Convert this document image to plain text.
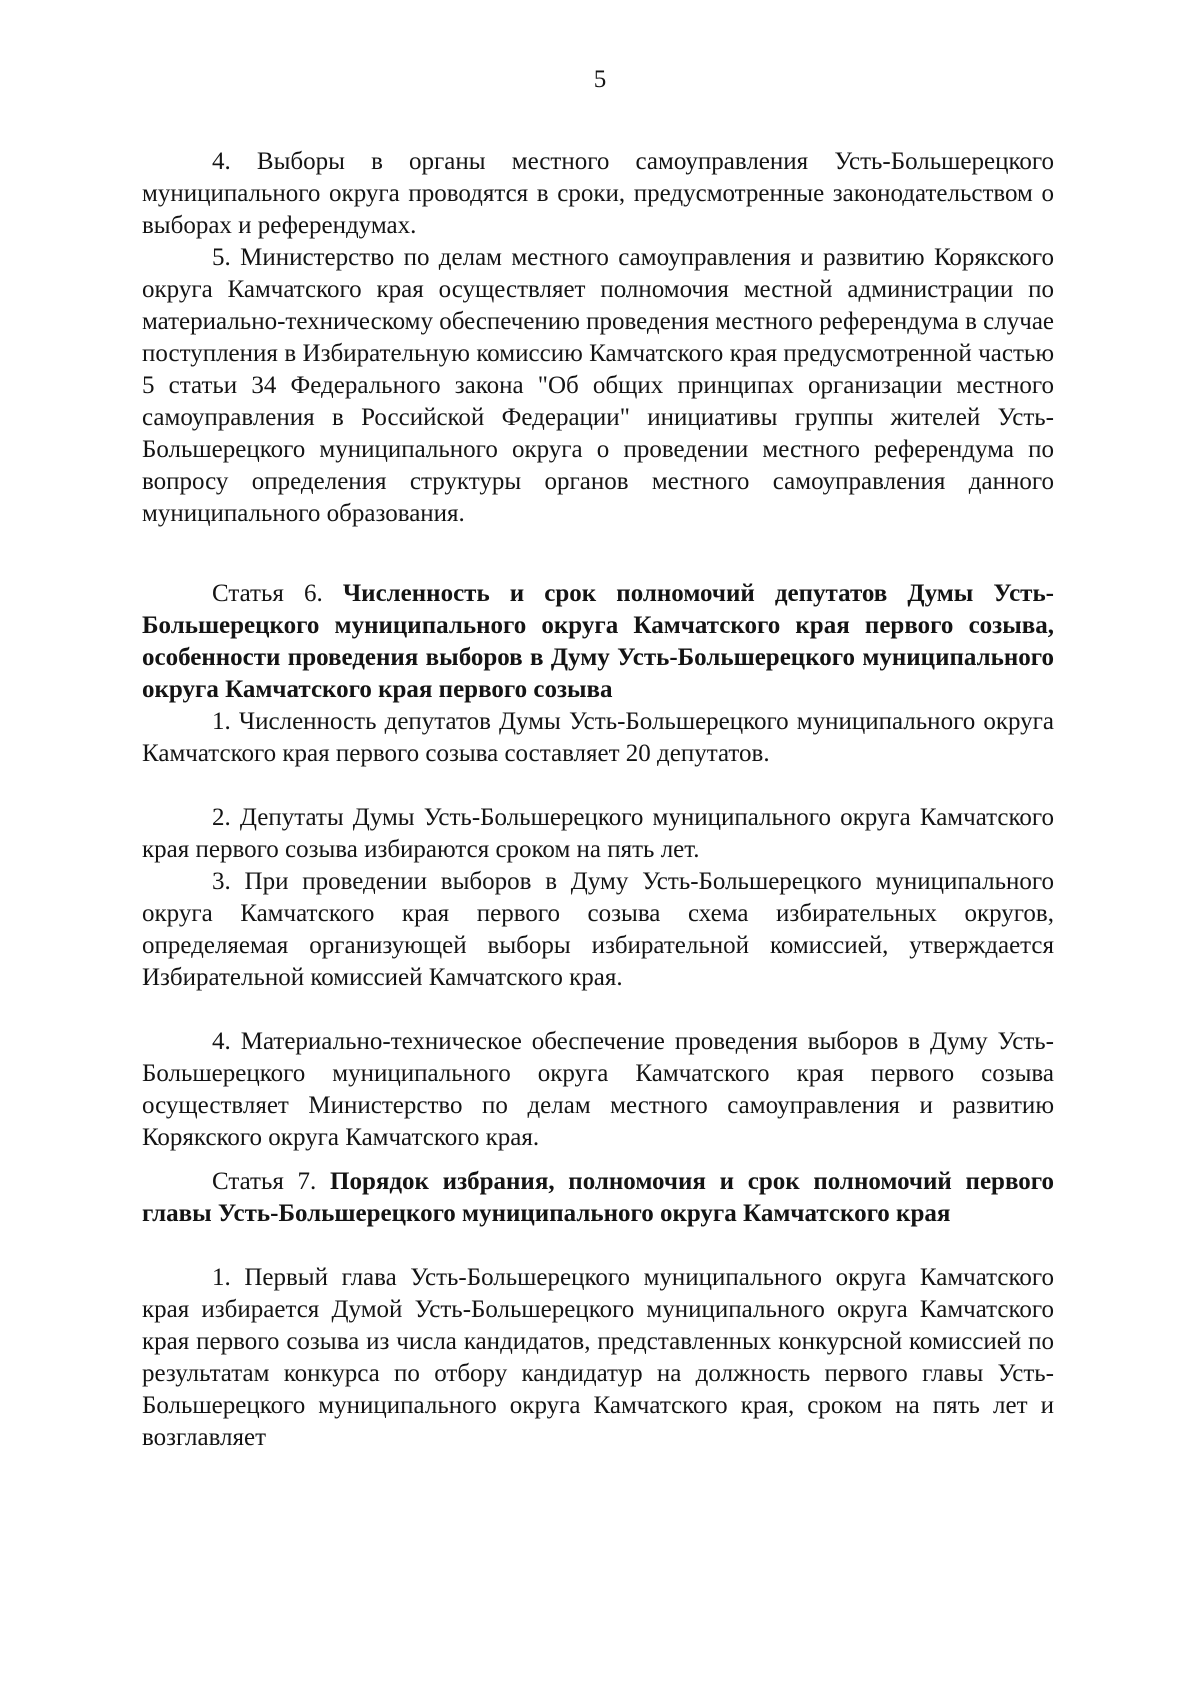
5

4. Выборы в органы местного самоуправления Усть-Большерецкого муниципального округа проводятся в сроки, предусмотренные законодательством о выборах и референдумах.

5. Министерство по делам местного самоуправления и развитию Корякского округа Камчатского края осуществляет полномочия местной администрации по материально-техническому обеспечению проведения местного референдума в случае поступления в Избирательную комиссию Камчатского края предусмотренной частью 5 статьи 34 Федерального закона "Об общих принципах организации местного самоуправления в Российской Федерации" инициативы группы жителей Усть-Большерецкого муниципального округа о проведении местного референдума по вопросу определения структуры органов местного самоуправления данного муниципального образования.

Статья 6. Численность и срок полномочий депутатов Думы Усть-Большерецкого муниципального округа Камчатского края первого созыва, особенности проведения выборов в Думу Усть-Большерецкого муниципального округа Камчатского края первого созыва

1. Численность депутатов Думы Усть-Большерецкого муниципального округа Камчатского края первого созыва составляет 20 депутатов.

2. Депутаты Думы Усть-Большерецкого муниципального округа Камчатского края первого созыва избираются сроком на пять лет.

3. При проведении выборов в Думу Усть-Большерецкого муниципального округа Камчатского края первого созыва схема избирательных округов, определяемая организующей выборы избирательной комиссией, утверждается Избирательной комиссией Камчатского края.

4. Материально-техническое обеспечение проведения выборов в Думу Усть-Большерецкого муниципального округа Камчатского края первого созыва осуществляет Министерство по делам местного самоуправления и развитию Корякского округа Камчатского края.

Статья 7. Порядок избрания, полномочия и срок полномочий первого главы Усть-Большерецкого муниципального округа Камчатского края

1. Первый глава Усть-Большерецкого муниципального округа Камчатского края избирается Думой Усть-Большерецкого муниципального округа Камчатского края первого созыва из числа кандидатов, представленных конкурсной комиссией по результатам конкурса по отбору кандидатур на должность первого главы Усть-Большерецкого муниципального округа Камчатского края, сроком на пять лет и возглавляет
